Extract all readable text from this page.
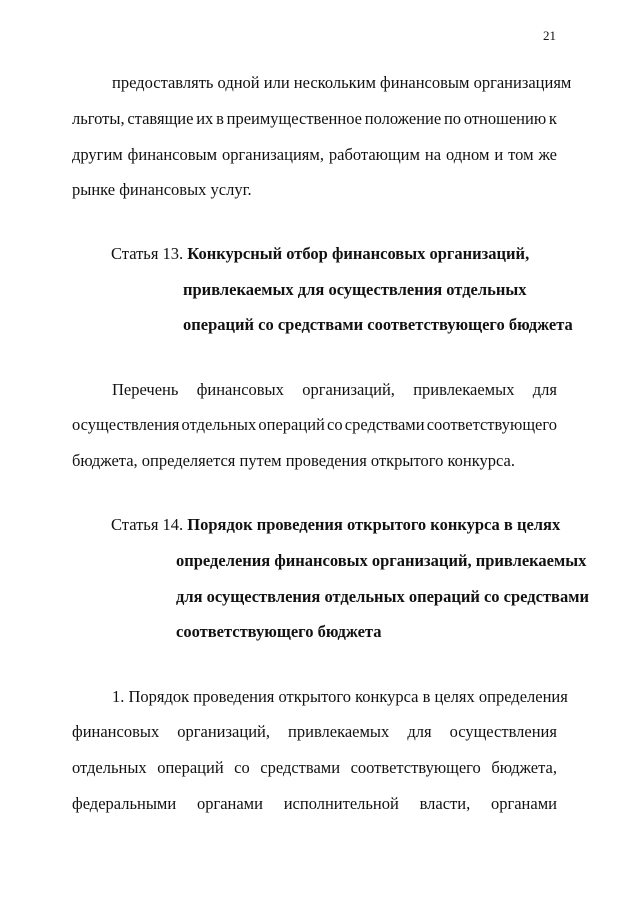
21
предоставлять одной или нескольким финансовым организациям
льготы, ставящие их в преимущественное положение по отношению к
другим финансовым организациям, работающим на одном и том же
рынке финансовых услуг.
Статья 13. Конкурсный отбор финансовых организаций,
привлекаемых для осуществления отдельных
операций со средствами соответствующего бюджета
Перечень финансовых организаций, привлекаемых для
осуществления отдельных операций со средствами соответствующего
бюджета, определяется путем проведения открытого конкурса.
Статья 14. Порядок проведения открытого конкурса в целях
определения финансовых организаций, привлекаемых
для осуществления отдельных операций со средствами
соответствующего бюджета
1. Порядок проведения открытого конкурса в целях определения
финансовых организаций, привлекаемых для осуществления
отдельных операций со средствами соответствующего бюджета,
федеральными органами исполнительной власти, органами
